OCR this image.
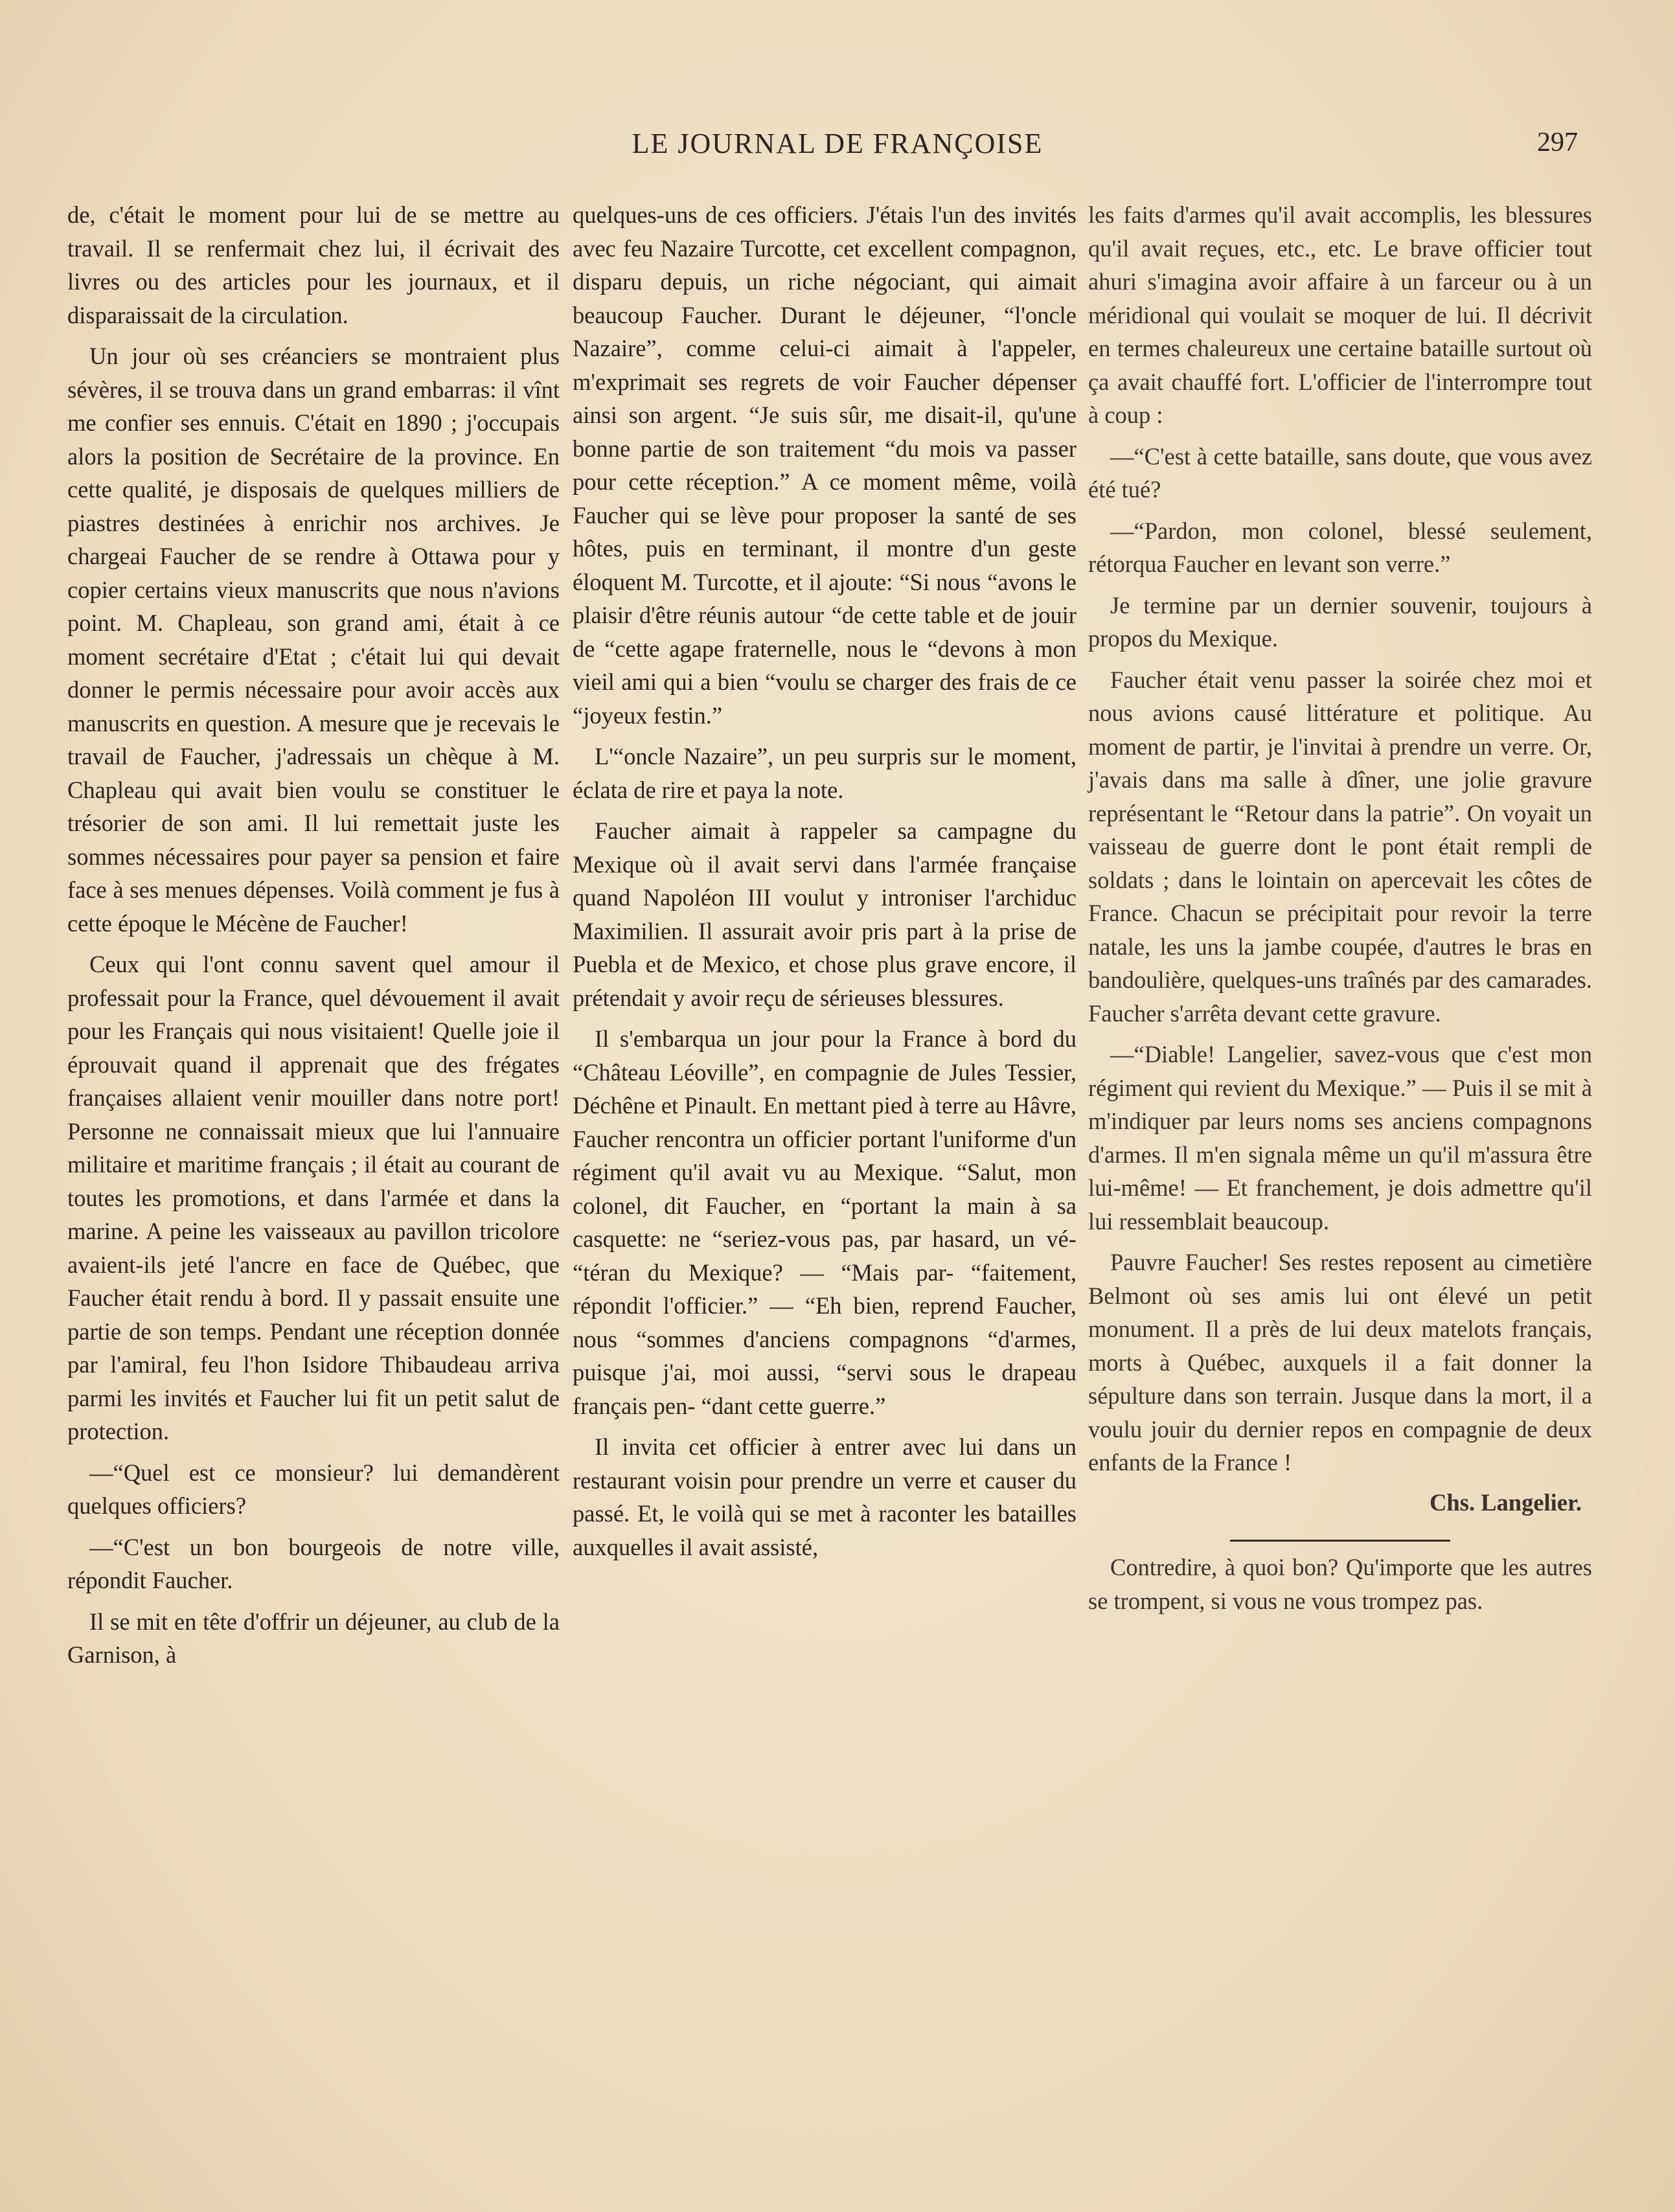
LE JOURNAL DE FRANÇOISE	297

de, c'était le moment pour lui de se mettre au travail. Il se renfermait chez lui, il écrivait des livres ou des articles pour les journaux, et il disparaissait de la circulation.

Un jour où ses créanciers se montraient plus sévères, il se trouva dans un grand embarras: il vînt me confier ses ennuis. C'était en 1890 ; j'occupais alors la position de Secrétaire de la province. En cette qualité, je disposais de quelques milliers de piastres destinées à enrichir nos archives. Je chargeai Faucher de se rendre à Ottawa pour y copier certains vieux manuscrits que nous n'avions point. M. Chapleau, son grand ami, était à ce moment secrétaire d'Etat ; c'était lui qui devait donner le permis nécessaire pour avoir accès aux manuscrits en question. A mesure que je recevais le travail de Faucher, j'adressais un chèque à M. Chapleau qui avait bien voulu se constituer le trésorier de son ami. Il lui remettait juste les sommes nécessaires pour payer sa pension et faire face à ses menues dépenses. Voilà comment je fus à cette époque le Mécène de Faucher!

Ceux qui l'ont connu savent quel amour il professait pour la France, quel dévouement il avait pour les Français qui nous visitaient! Quelle joie il éprouvait quand il apprenait que des frégates françaises allaient venir mouiller dans notre port! Personne ne connaissait mieux que lui l'annuaire militaire et maritime français ; il était au courant de toutes les promotions, et dans l'armée et dans la marine. A peine les vaisseaux au pavillon tricolore avaient-ils jeté l'ancre en face de Québec, que Faucher était rendu à bord. Il y passait ensuite une partie de son temps. Pendant une réception donnée par l'amiral, feu l'hon Isidore Thibaudeau arriva parmi les invités et Faucher lui fit un petit salut de protection.

—“Quel est ce monsieur? lui demandèrent quelques officiers?

—“C'est un bon bourgeois de notre ville, répondit Faucher.

Il se mit en tête d'offrir un déjeuner, au club de la Garnison, à

quelques-uns de ces officiers. J'étais l'un des invités avec feu Nazaire Turcotte, cet excellent compagnon, disparu depuis, un riche négociant, qui aimait beaucoup Faucher. Durant le déjeuner, “l'oncle Nazaire”, comme celui-ci aimait à l'appeler, m'exprimait ses regrets de voir Faucher dépenser ainsi son argent. “Je suis sûr, me disait-il, qu'une bonne partie de son traitement “du mois va passer pour cette réception.” A ce moment même, voilà Faucher qui se lève pour proposer la santé de ses hôtes, puis en terminant, il montre d'un geste éloquent M. Turcotte, et il ajoute: “Si nous “avons le plaisir d'être réunis autour “de cette table et de jouir de “cette agape fraternelle, nous le “devons à mon vieil ami qui a bien “voulu se charger des frais de ce “joyeux festin.”

L'“oncle Nazaire”, un peu surpris sur le moment, éclata de rire et paya la note.

Faucher aimait à rappeler sa campagne du Mexique où il avait servi dans l'armée française quand Napoléon III voulut y introniser l'archiduc Maximilien. Il assurait avoir pris part à la prise de Puebla et de Mexico, et chose plus grave encore, il prétendait y avoir reçu de sérieuses blessures.

Il s'embarqua un jour pour la France à bord du “Château Léoville”, en compagnie de Jules Tessier, Déchêne et Pinault. En mettant pied à terre au Hâvre, Faucher rencontra un officier portant l'uniforme d'un régiment qu'il avait vu au Mexique. “Salut, mon colonel, dit Faucher, en “portant la main à sa casquette: ne “seriez-vous pas, par hasard, un vé- “téran du Mexique? — “Mais par- “faitement, répondit l'officier.” — “Eh bien, reprend Faucher, nous “sommes d'anciens compagnons “d'armes, puisque j'ai, moi aussi, “servi sous le drapeau français pen- “dant cette guerre.”

Il invita cet officier à entrer avec lui dans un restaurant voisin pour prendre un verre et causer du passé. Et, le voilà qui se met à raconter les batailles auxquelles il avait assisté,

les faits d'armes qu'il avait accomplis, les blessures qu'il avait reçues, etc., etc. Le brave officier tout ahuri s'imagina avoir affaire à un farceur ou à un méridional qui voulait se moquer de lui. Il décrivit en termes chaleureux une certaine bataille surtout où ça avait chauffé fort. L'officier de l'interrompre tout à coup :

—“C'est à cette bataille, sans doute, que vous avez été tué?

—“Pardon, mon colonel, blessé seulement, rétorqua Faucher en levant son verre.”

Je termine par un dernier souvenir, toujours à propos du Mexique.

Faucher était venu passer la soirée chez moi et nous avions causé littérature et politique. Au moment de partir, je l'invitai à prendre un verre. Or, j'avais dans ma salle à dîner, une jolie gravure représentant le “Retour dans la patrie”. On voyait un vaisseau de guerre dont le pont était rempli de soldats ; dans le lointain on apercevait les côtes de France. Chacun se précipitait pour revoir la terre natale, les uns la jambe coupée, d'autres le bras en bandoulière, quelques-uns traînés par des camarades. Faucher s'arrêta devant cette gravure.

—“Diable! Langelier, savez-vous que c'est mon régiment qui revient du Mexique.” — Puis il se mit à m'indiquer par leurs noms ses anciens compagnons d'armes. Il m'en signala même un qu'il m'assura être lui-même! — Et franchement, je dois admettre qu'il lui ressemblait beaucoup.

Pauvre Faucher! Ses restes reposent au cimetière Belmont où ses amis lui ont élevé un petit monument. Il a près de lui deux matelots français, morts à Québec, auxquels il a fait donner la sépulture dans son terrain. Jusque dans la mort, il a voulu jouir du dernier repos en compagnie de deux enfants de la France !

Chs. Langelier.

Contredire, à quoi bon? Qu'importe que les autres se trompent, si vous ne vous trompez pas.
